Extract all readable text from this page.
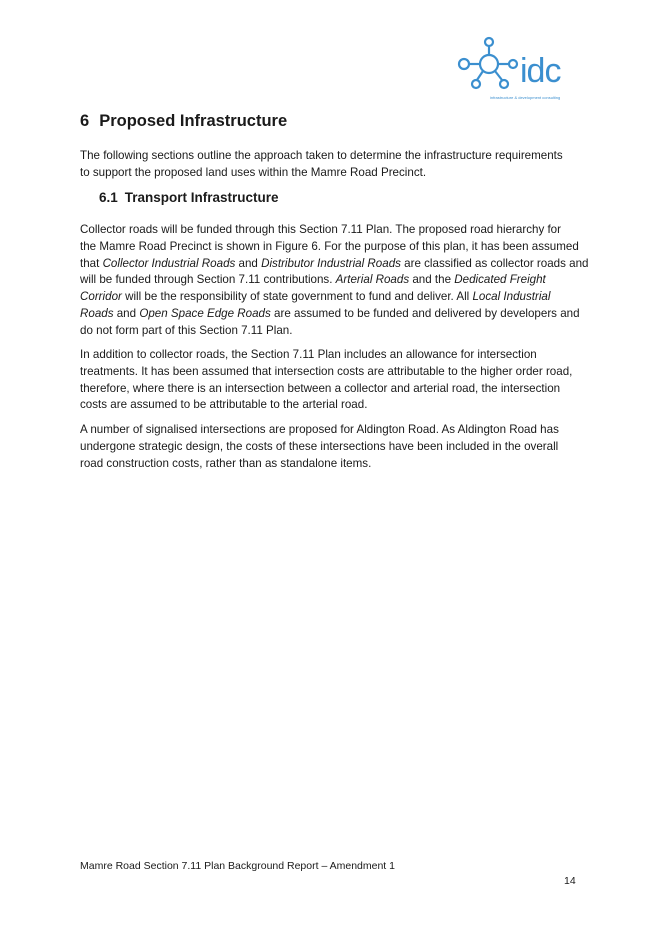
idc
infrastructure & development consulting
6 Proposed Infrastructure
The following sections outline the approach taken to determine the infrastructure requirements
to support the proposed land uses within the Mamre Road Precinct.
6.1 Transport Infrastructure
Collector roads will be funded through this Section 7.11 Plan. The proposed road hierarchy for
the Mamre Road Precinct is shown in Figure 6. For the purpose of this plan, it has been assumed
that Collector Industrial Roads and Distributor Industrial Roads are classified as collector roads and
will be funded through Section 7.11 contributions. Arterial Roads and the Dedicated Freight
Corridor will be the responsibility of state government to fund and deliver. All Local Industrial
Roads and Open Space Edge Roads are assumed to be funded and delivered by developers and
do not form part of this Section 7.11 Plan.
In addition to collector roads, the Section 7.11 Plan includes an allowance for intersection
treatments. It has been assumed that intersection costs are attributable to the higher order road,
therefore, where there is an intersection between a collector and arterial road, the intersection
costs are assumed to be attributable to the arterial road.
A number of signalised intersections are proposed for Aldington Road. As Aldington Road has
undergone strategic design, the costs of these intersections have been included in the overall
road construction costs, rather than as standalone items.
Mamre Road Section 7.11 Plan Background Report – Amendment 1
14
